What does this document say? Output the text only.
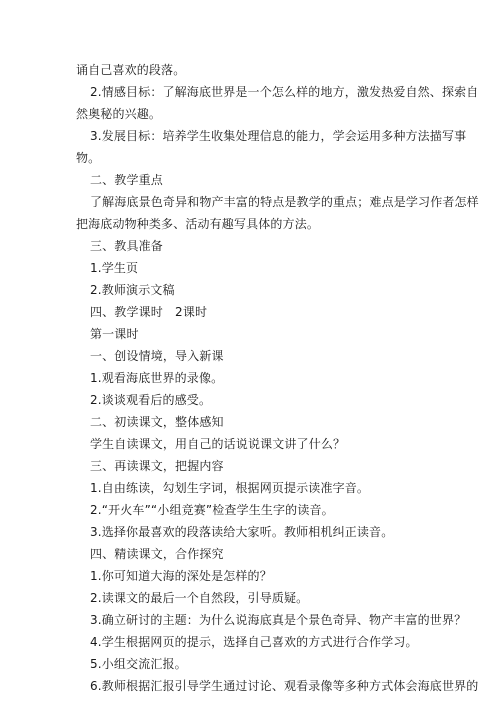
诵自己喜欢的段落。
2.情感目标：了解海底世界是一个怎么样的地方，激发热爱自然、探索自
然奥秘的兴趣。
3.发展目标：培养学生收集处理信息的能力，学会运用多种方法描写事
物。
二、教学重点
了解海底景色奇异和物产丰富的特点是教学的重点；难点是学习作者怎样
把海底动物种类多、活动有趣写具体的方法。
三、教具准备
1.学生页
2.教师演示文稿
四、教学课时　2课时
第一课时
一、创设情境，导入新课
1.观看海底世界的录像。
2.谈谈观看后的感受。
二、初读课文，整体感知
学生自读课文，用自己的话说说课文讲了什么？
三、再读课文，把握内容
1.自由练读，勾划生字词，根据网页提示读准字音。
2.“开火车”“小组竞赛”检查学生生字的读音。
3.选择你最喜欢的段落读给大家听。教师相机纠正读音。
四、精读课文，合作探究
1.你可知道大海的深处是怎样的？
2.读课文的最后一个自然段，引导质疑。
3.确立研讨的主题：为什么说海底真是个景色奇异、物产丰富的世界？
4.学生根据网页的提示，选择自己喜欢的方式进行合作学习。
5.小组交流汇报。
6.教师根据汇报引导学生通过讨论、观看录像等多种方式体会海底世界的
